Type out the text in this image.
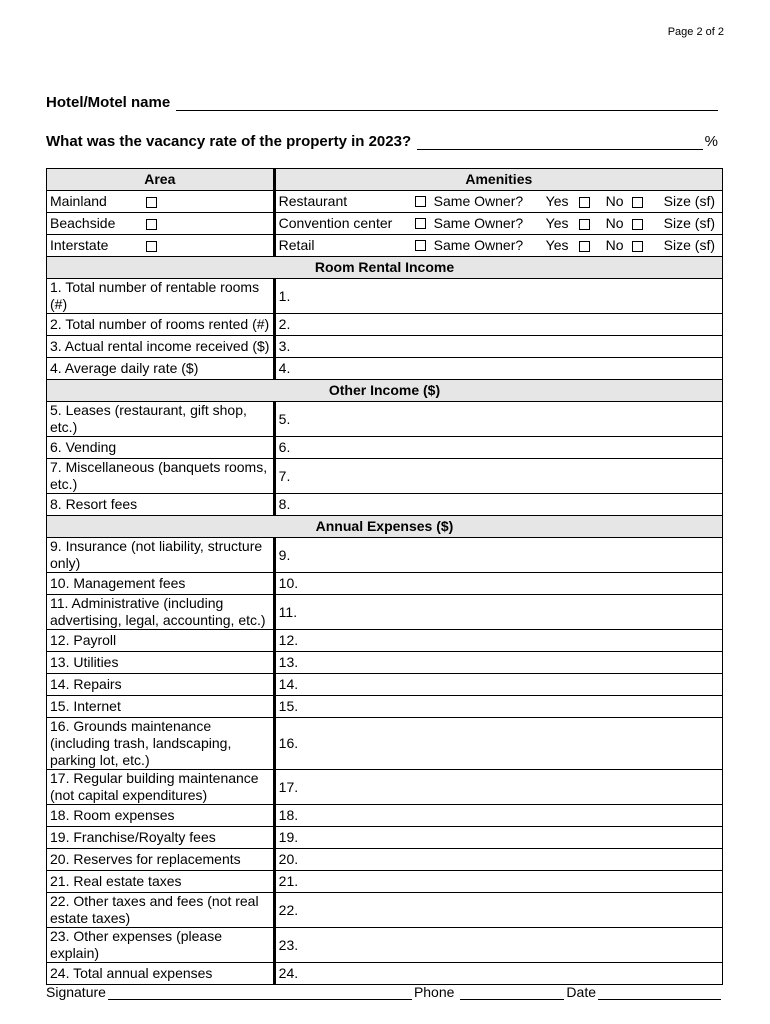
Page 2 of 2
Hotel/Motel name
What was the vacancy rate of the property in 2023?	%
Area	Amenities
Mainland	Restaurant Same Owner? Yes No Size (sf)

Beachside	Convention center Same Owner? Yes No Size (sf)

Interstate	Retail Same Owner? Yes No Size (sf)

Room Rental Income	
1. Total number of rentable rooms (#)	1.
2. Total number of rooms rented (#)	2.
3. Actual rental income received ($)	3.
4. Average daily rate ($)	4.
Other Income ($)	
5. Leases (restaurant, gift shop, etc.)	5.
6. Vending	6.
7. Miscellaneous (banquets rooms, etc.)	7.
8. Resort fees	8.
Annual Expenses ($)	
9. Insurance (not liability, structure only)	9.
10. Management fees	10.
11. Administrative (including advertising, legal, accounting, etc.)	11.
12. Payroll	12.
13. Utilities	13.
14. Repairs	14.
15. Internet	15.
16. Grounds maintenance (including trash, landscaping, parking lot, etc.)	16.
17. Regular building maintenance (not capital expenditures)	17.
18. Room expenses	18.
19. Franchise/Royalty fees	19.
20. Reserves for replacements	20.
21. Real estate taxes	21.
22. Other taxes and fees (not real estate taxes)	22.
23. Other expenses (please explain)	23.
24. Total annual expenses	24.
Signature	Phone	Date
